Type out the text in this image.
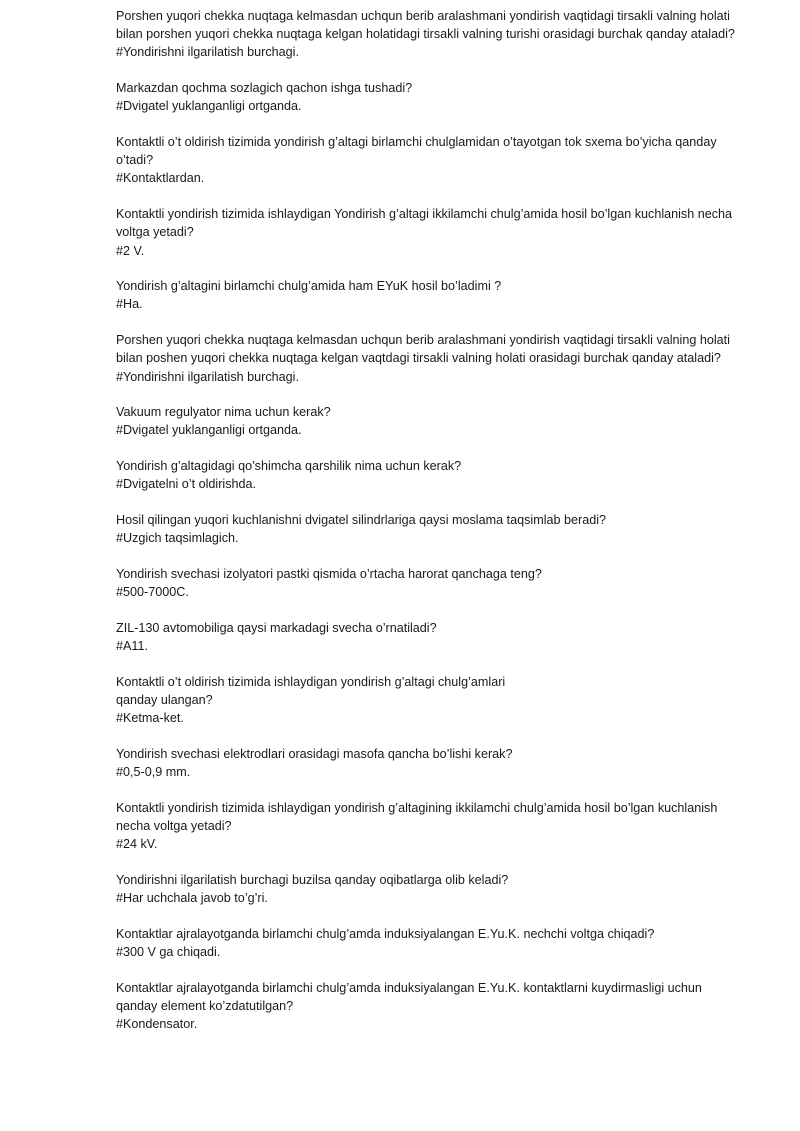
Porshen yuqori chekka nuqtaga kelmasdan uchqun berib aralashmani yondirish vaqtidagi tirsakli valning holati bilan porshen yuqori chekka nuqtaga kelgan holatidagi tirsakli valning turishi orasidagi burchak qanday ataladi?
#Yondirishni ilgarilatish burchagi.
Markazdan qochma sozlagich qachon ishga tushadi?
#Dvigatel yuklanganligi ortganda.
Kontaktli o’t oldirish tizimida yondirish g’altagi birlamchi chulglamidan o’tayotgan tok sxema bo’yicha qanday o’tadi?
#Kontaktlardan.
Kontaktli yondirish tizimida ishlaydigan Yondirish g’altagi ikkilamchi chulg’amida hosil bo’lgan kuchlanish necha voltga yetadi?
#2 V.
Yondirish g’altagini birlamchi chulg’amida ham EYuK hosil bo’ladimi ?
#Ha.
Porshen yuqori chekka nuqtaga kelmasdan uchqun berib aralashmani yondirish vaqtidagi tirsakli valning holati bilan poshen yuqori chekka nuqtaga kelgan vaqtdagi tirsakli valning holati orasidagi burchak qanday ataladi?
#Yondirishni ilgarilatish burchagi.
Vakuum regulyator nima uchun kerak?
#Dvigatel yuklanganligi ortganda.
Yondirish g’altagidagi qo’shimcha qarshilik nima uchun kerak?
#Dvigatelni o’t oldirishda.
Hosil qilingan yuqori kuchlanishni dvigatel silindrlariga qaysi moslama taqsimlab beradi?
#Uzgich taqsimlagich.
Yondirish svechasi izolyatori pastki qismida o’rtacha harorat qanchaga teng?
#500-7000C.
ZIL-130 avtomobiliga qaysi markadagi svecha o’rnatiladi?
#A11.
Kontaktli o’t oldirish tizimida ishlaydigan yondirish g’altagi chulg’amlari
qanday ulangan?
#Ketma-ket.
Yondirish svechasi elektrodlari orasidagi masofa qancha bo’lishi kerak?
#0,5-0,9 mm.
Kontaktli yondirish tizimida ishlaydigan yondirish g’altagining ikkilamchi chulg’amida hosil bo’lgan kuchlanish necha voltga yetadi?
#24 kV.
Yondirishni ilgarilatish burchagi buzilsa qanday oqibatlarga olib keladi?
#Har uchchala javob to’g’ri.
Kontaktlar ajralayotganda birlamchi chulg’amda induksiyalangan E.Yu.K. nechchi voltga chiqadi?
#300 V ga chiqadi.
Kontaktlar ajralayotganda birlamchi chulg’amda induksiyalangan E.Yu.K. kontaktlarni kuydirmasligi uchun qanday element ko’zdatutilgan?
#Kondensator.
